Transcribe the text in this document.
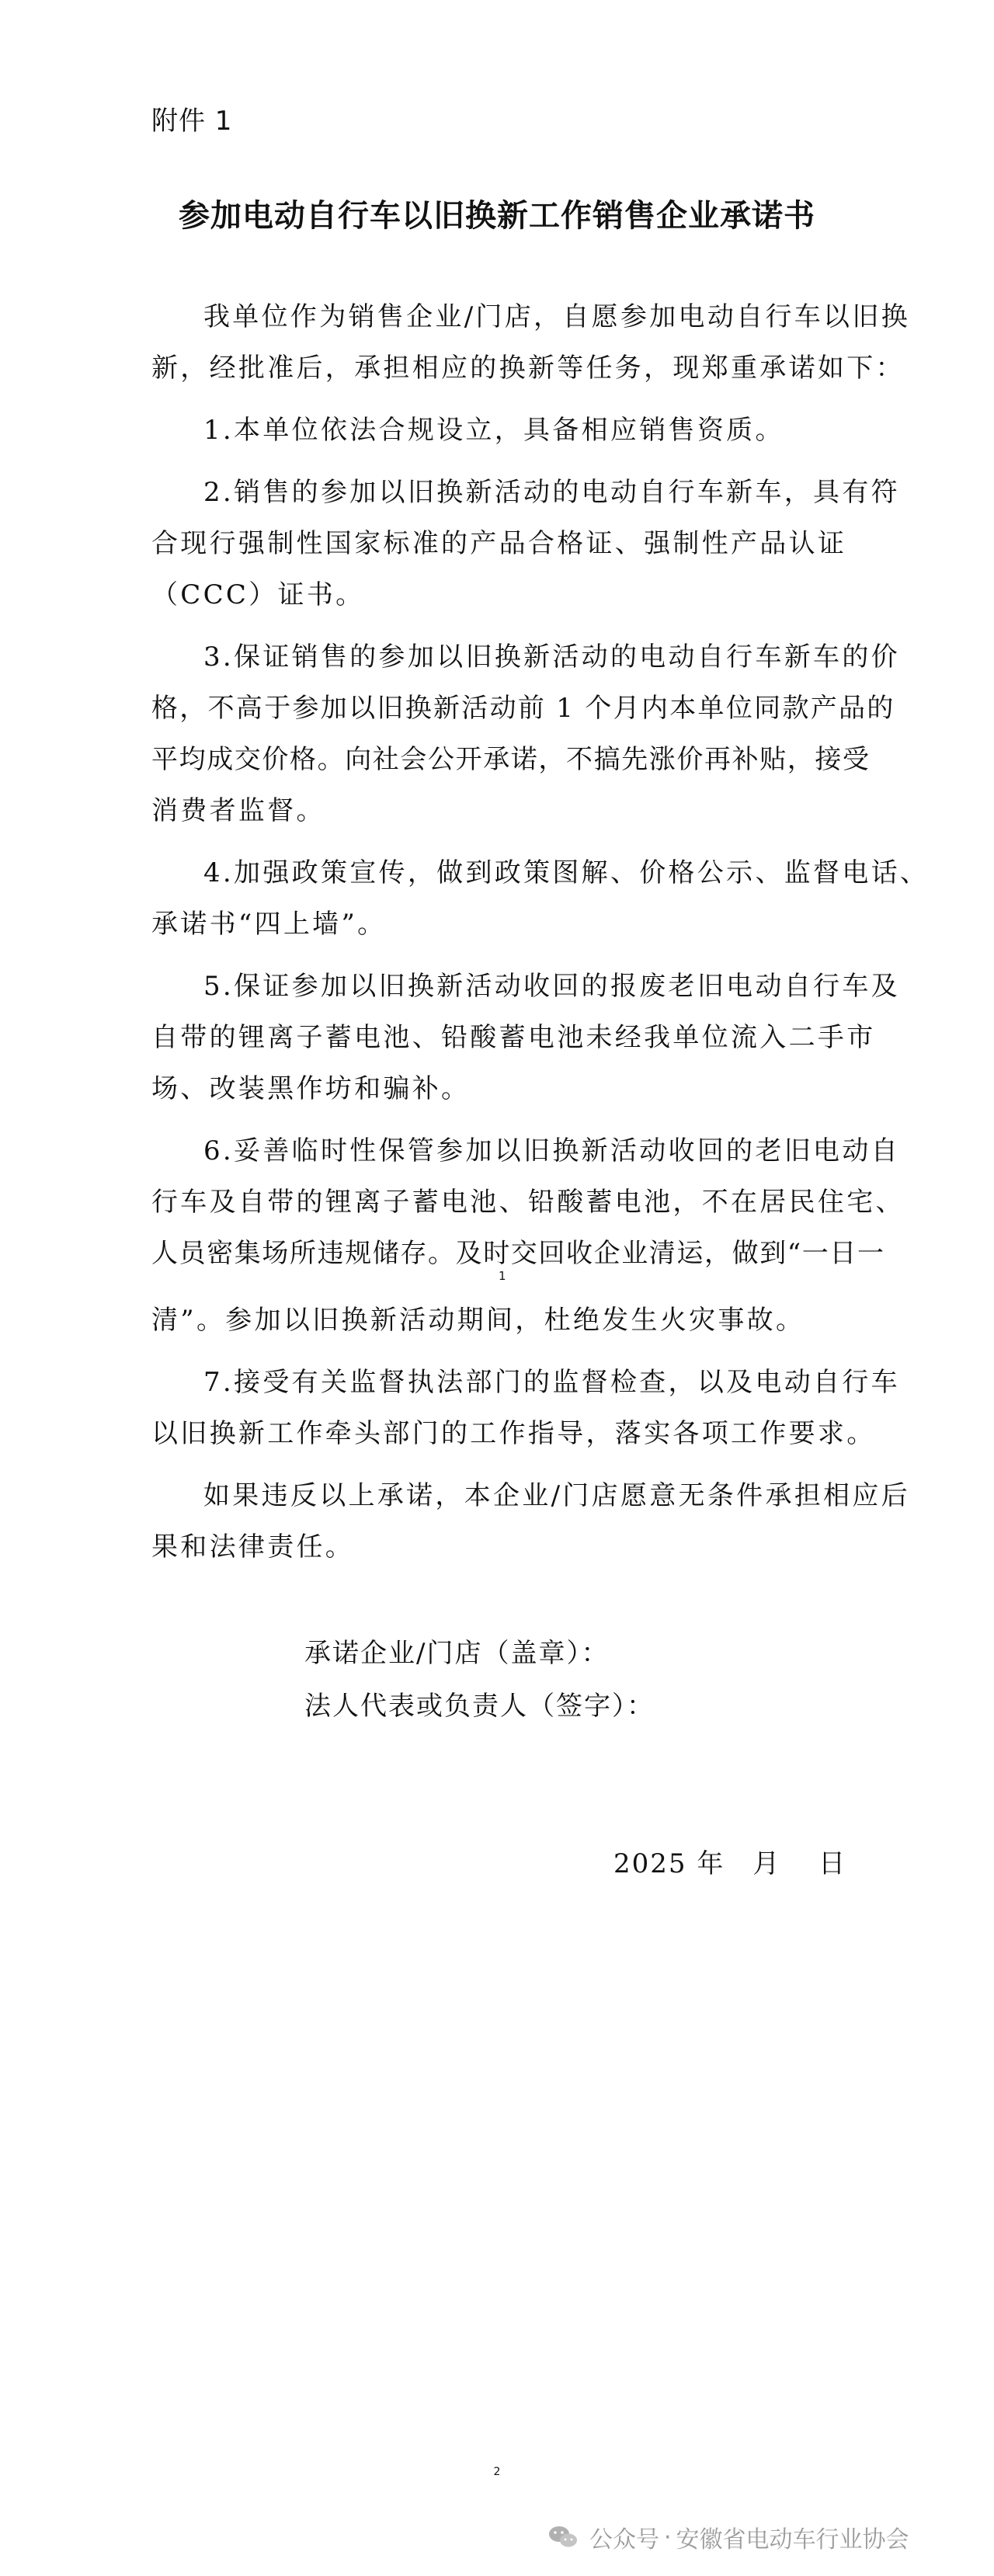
附件 1
参加电动自行车以旧换新工作销售企业承诺书
我单位作为销售企业/门店，自愿参加电动自行车以旧换
新，经批准后，承担相应的换新等任务，现郑重承诺如下：
1.本单位依法合规设立，具备相应销售资质。
2.销售的参加以旧换新活动的电动自行车新车，具有符
合现行强制性国家标准的产品合格证、强制性产品认证
（CCC）证书。
3.保证销售的参加以旧换新活动的电动自行车新车的价
格，不高于参加以旧换新活动前 1 个月内本单位同款产品的
平均成交价格。向社会公开承诺，不搞先涨价再补贴，接受
消费者监督。
4.加强政策宣传，做到政策图解、价格公示、监督电话、
承诺书“四上墙”。
5.保证参加以旧换新活动收回的报废老旧电动自行车及
自带的锂离子蓄电池、铅酸蓄电池未经我单位流入二手市
场、改装黑作坊和骗补。
6.妥善临时性保管参加以旧换新活动收回的老旧电动自
行车及自带的锂离子蓄电池、铅酸蓄电池，不在居民住宅、
人员密集场所违规储存。及时交回收企业清运，做到“一日一
1
清”。参加以旧换新活动期间，杜绝发生火灾事故。
7.接受有关监督执法部门的监督检查，以及电动自行车
以旧换新工作牵头部门的工作指导，落实各项工作要求。
如果违反以上承诺，本企业/门店愿意无条件承担相应后
果和法律责任。
承诺企业/门店（盖章）：
法人代表或负责人（签字）：
2025 年　月　 日
2
公众号 · 安徽省电动车行业协会
